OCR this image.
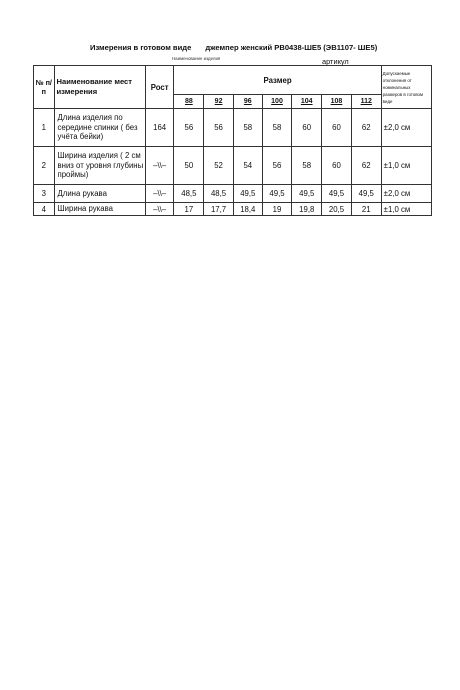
Измерения в готовом виде джемпер женский РВ0438-ШЕ5 (ЭВ1107- ШЕ5)
Наименование изделия	артикул
№ п/п	Наименование мест измерения	Рост	Размер							Допускаемые отклонения от номинальных размеров в готовом виде
			88	92	96	100	104	108	112	
1	Длина изделия по середине спинки ( без учёта бейки)	164	56	56	58	58	60	60	62	±2,0 см
2	Ширина изделия ( 2 см вниз от уровня глубины проймы)	–\\–	50	52	54	56	58	60	62	±1,0 см
3	Длина рукава	–\\–	48,5	48,5	49,5	49,5	49,5	49,5	49,5	±2,0 см
4	Ширина рукава	–\\–	17	17,7	18,4	19	19,8	20,5	21	±1,0 см
